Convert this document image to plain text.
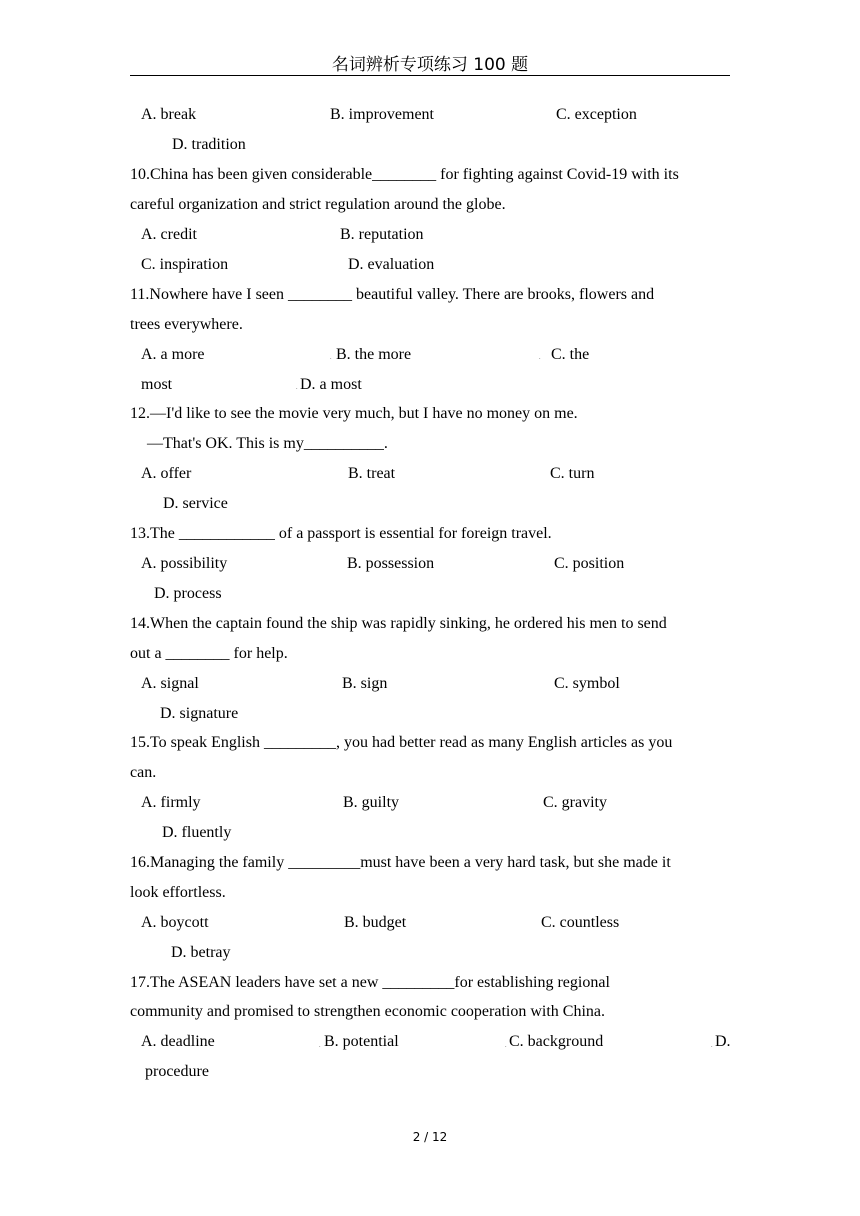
名词辨析专项练习 100 题
A. break	B. improvement	C. exception
D. tradition
10.China has been given considerable________ for fighting against Covid-19 with its
careful organization and strict regulation around the globe.
A. credit	B. reputation
C. inspiration	D. evaluation
11.Nowhere have I seen ________ beautiful valley. There are brooks, flowers and
trees everywhere.
A. a more	B. the more	C. the
most	D. a most
12.—I'd like to see the movie very much, but I have no money on me.
—That's OK. This is my__________.
A. offer	B. treat	C. turn
D. service
13.The ____________ of a passport is essential for foreign travel.
A. possibility	B. possession	C. position
D. process
14.When the captain found the ship was rapidly sinking, he ordered his men to send
out a ________ for help.
A. signal	B. sign	C. symbol
D. signature
15.To speak English _________, you had better read as many English articles as you
can.
A. firmly	B. guilty	C. gravity
D. fluently
16.Managing the family _________must have been a very hard task, but she made it
look effortless.
A. boycott	B. budget	C. countless
D. betray
17.The ASEAN leaders have set a new _________for establishing regional
community and promised to strengthen economic cooperation with China.
A. deadline	B. potential	C. background	D.
procedure
•	•
•
•	•	•
2 / 12
